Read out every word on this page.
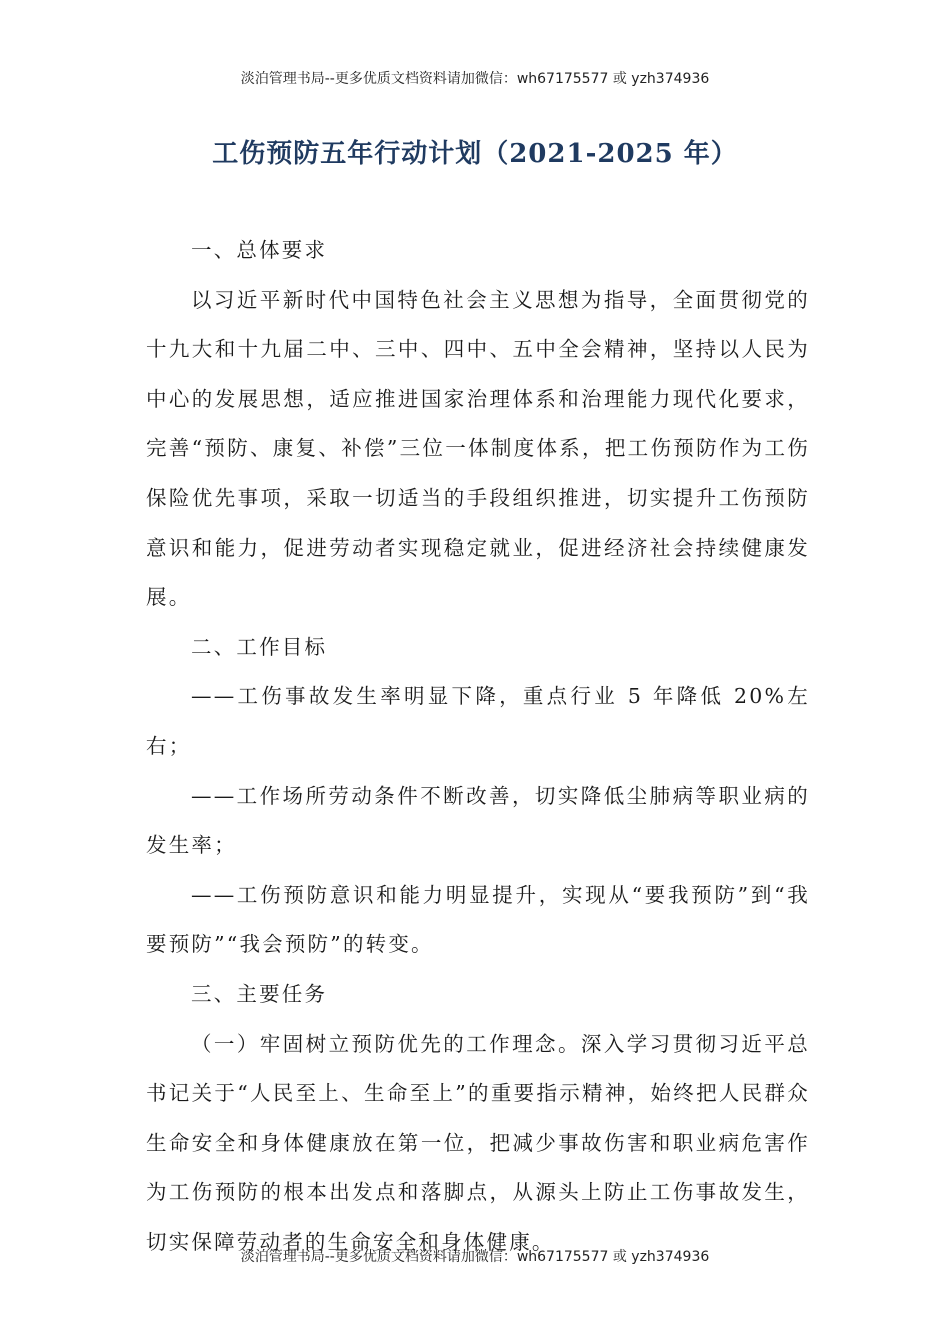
淡泊管理书局--更多优质文档资料请加微信：wh67175577 或 yzh374936
工伤预防五年行动计划（2021-2025 年）

一、总体要求

以习近平新时代中国特色社会主义思想为指导，全面贯彻党的十九大和十九届二中、三中、四中、五中全会精神，坚持以人民为中心的发展思想，适应推进国家治理体系和治理能力现代化要求，完善“预防、康复、补偿”三位一体制度体系，把工伤预防作为工伤保险优先事项，采取一切适当的手段组织推进，切实提升工伤预防意识和能力，促进劳动者实现稳定就业，促进经济社会持续健康发展。

二、工作目标

——工伤事故发生率明显下降，重点行业 5 年降低 20%左右；

——工作场所劳动条件不断改善，切实降低尘肺病等职业病的发生率；

——工伤预防意识和能力明显提升，实现从“要我预防”到“我要预防”“我会预防”的转变。

三、主要任务

（一）牢固树立预防优先的工作理念。深入学习贯彻习近平总书记关于“人民至上、生命至上”的重要指示精神，始终把人民群众生命安全和身体健康放在第一位，把减少事故伤害和职业病危害作为工伤预防的根本出发点和落脚点，从源头上防止工伤事故发生，切实保障劳动者的生命安全和身体健康。

淡泊管理书局--更多优质文档资料请加微信：wh67175577 或 yzh374936
